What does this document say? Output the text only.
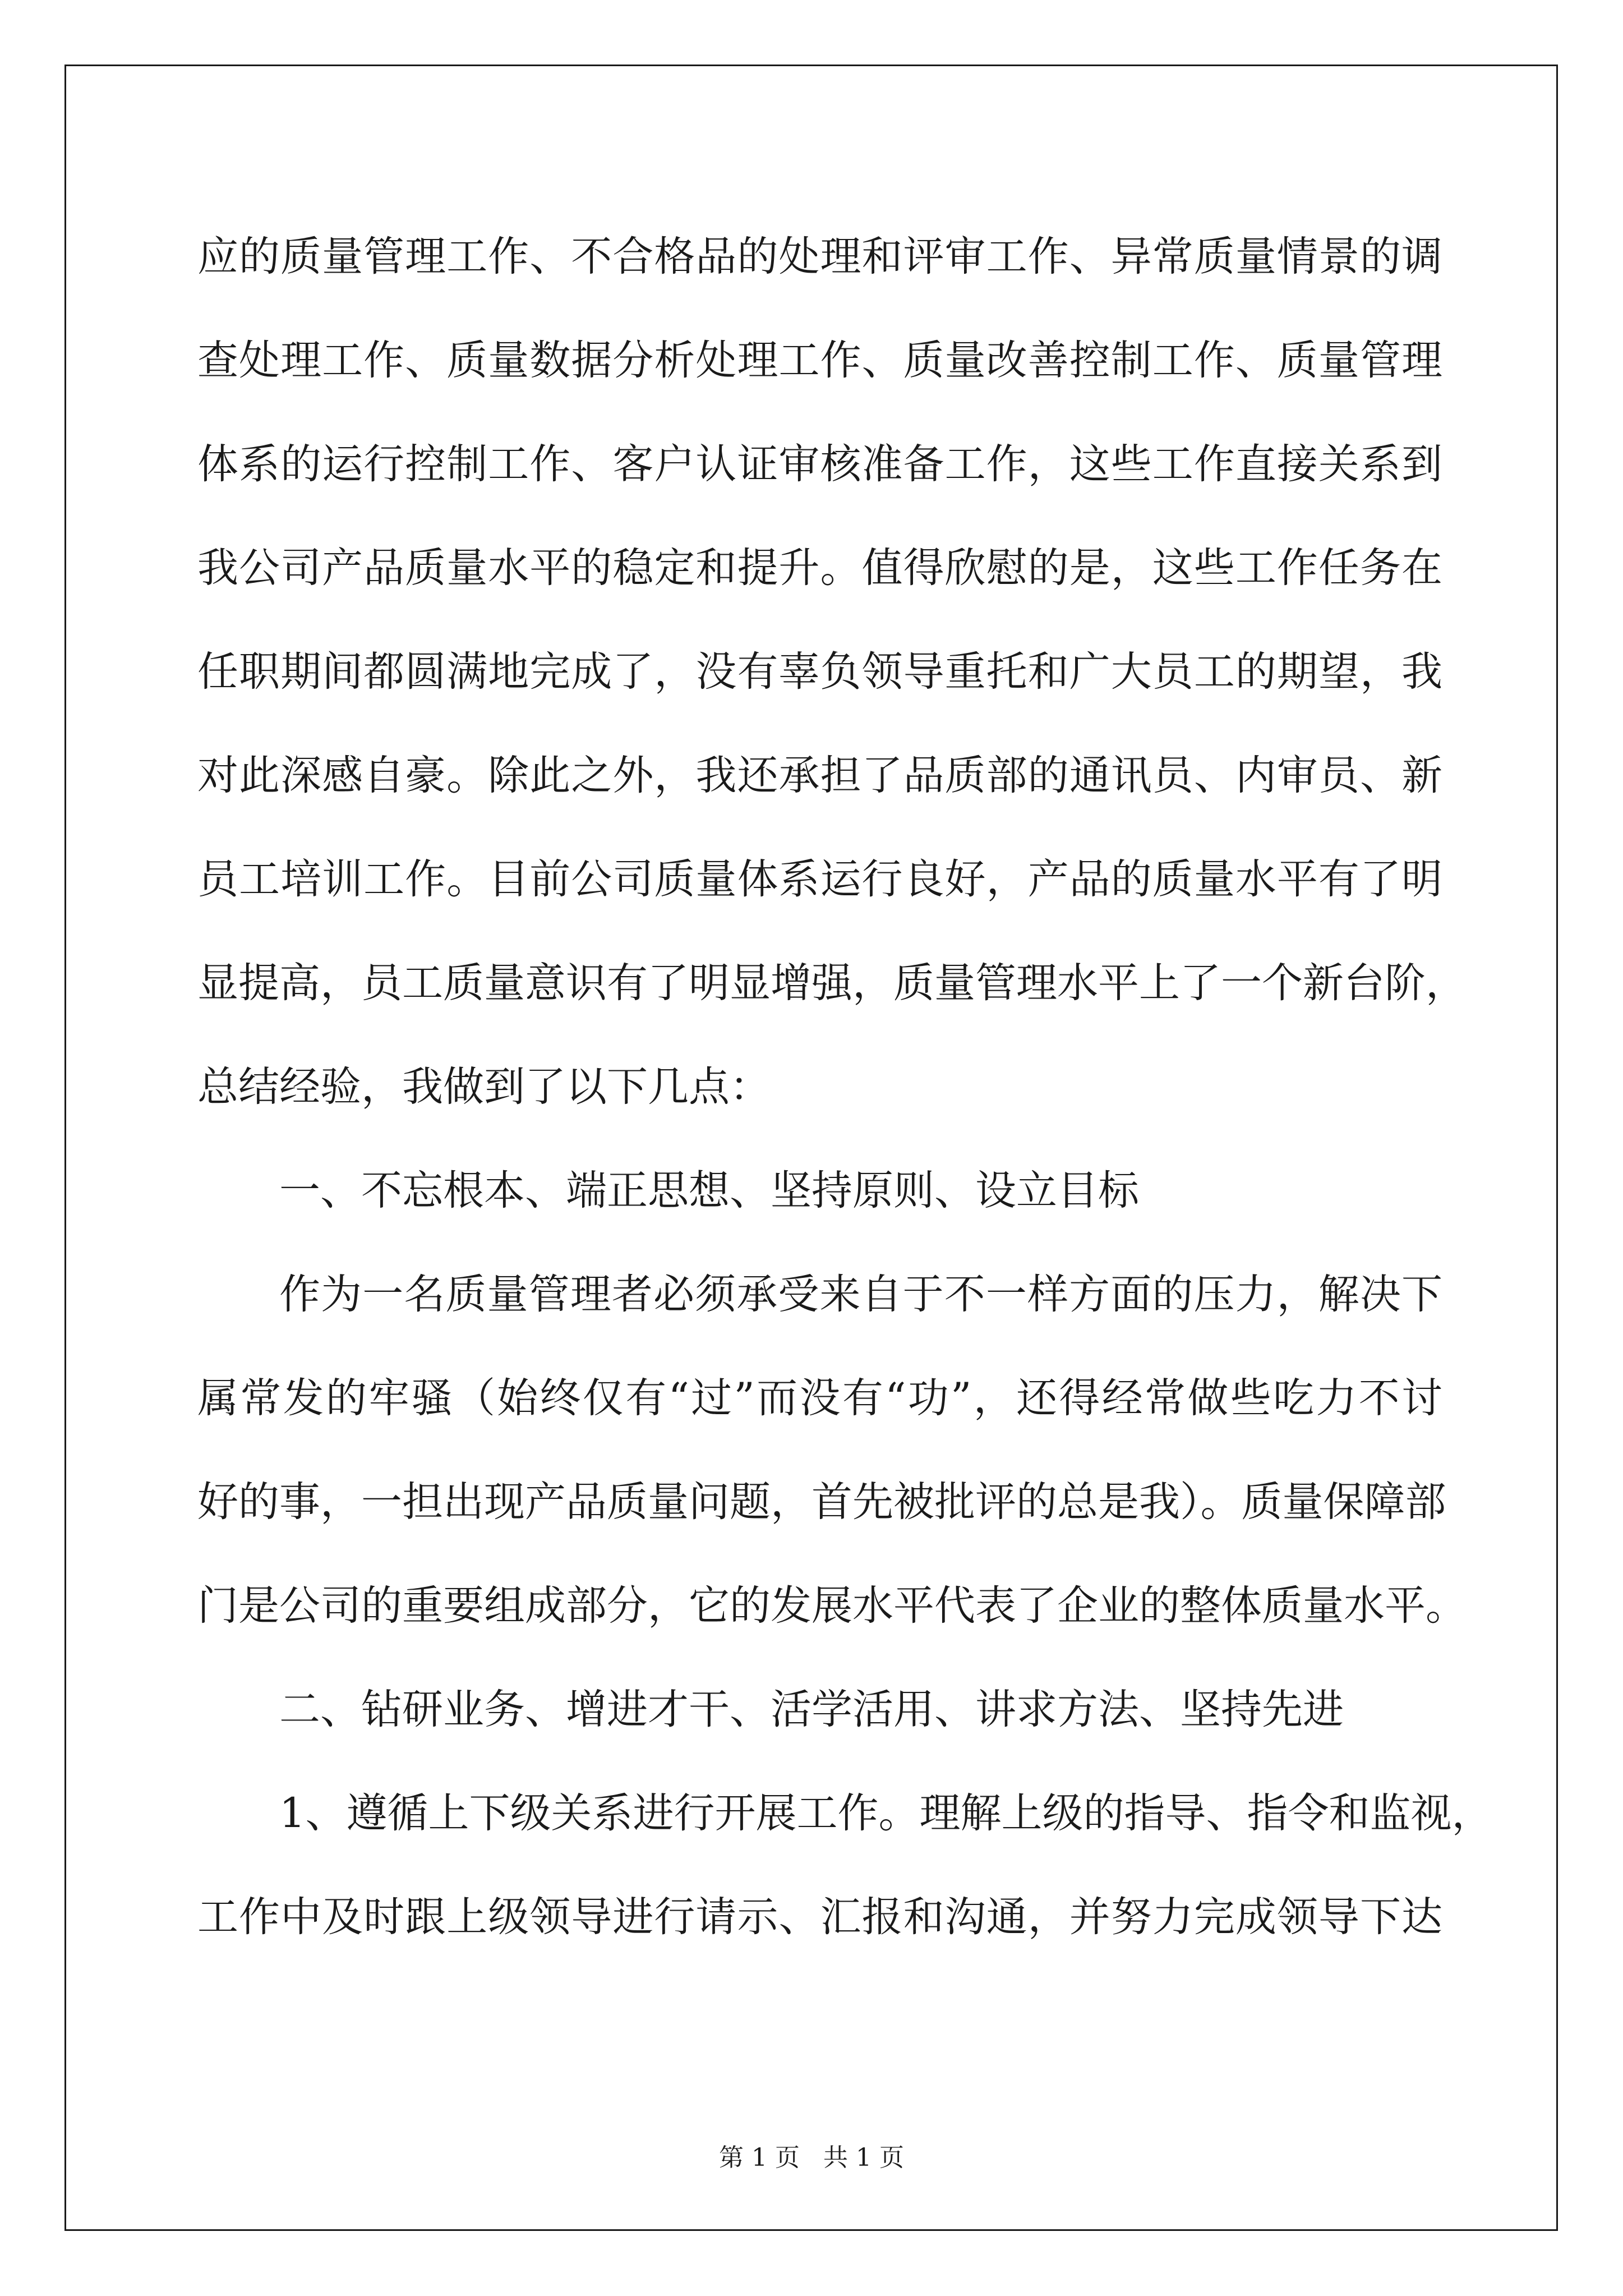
应的质量管理工作、不合格品的处理和评审工作、异常质量情景的调
查处理工作、质量数据分析处理工作、质量改善控制工作、质量管理
体系的运行控制工作、客户认证审核准备工作，这些工作直接关系到
我公司产品质量水平的稳定和提升。值得欣慰的是，这些工作任务在
任职期间都圆满地完成了，没有辜负领导重托和广大员工的期望，我
对此深感自豪。除此之外，我还承担了品质部的通讯员、内审员、新
员工培训工作。目前公司质量体系运行良好，产品的质量水平有了明
显提高，员工质量意识有了明显增强，质量管理水平上了一个新台阶，
总结经验，我做到了以下几点：
一、不忘根本、端正思想、坚持原则、设立目标
作为一名质量管理者必须承受来自于不一样方面的压力，解决下
属常发的牢骚（始终仅有“过”而没有“功”，还得经常做些吃力不讨
好的事，一担出现产品质量问题，首先被批评的总是我）。质量保障部
门是公司的重要组成部分，它的发展水平代表了企业的整体质量水平。
二、钻研业务、增进才干、活学活用、讲求方法、坚持先进
1、遵循上下级关系进行开展工作。理解上级的指导、指令和监视，
工作中及时跟上级领导进行请示、汇报和沟通，并努力完成领导下达
第 1 页   共 1 页
